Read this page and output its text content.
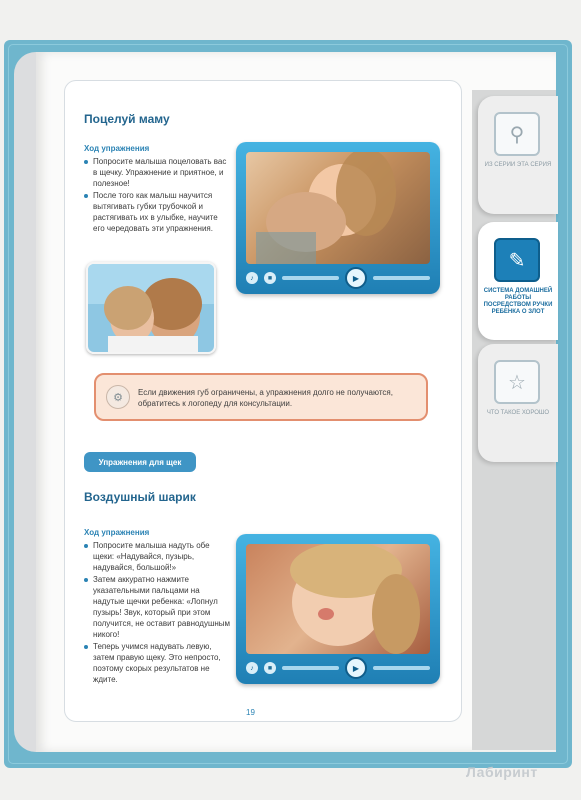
⚲
ИЗ СЕРИИ ЭТА СЕРИЯ
✎
СИСТЕМА ДОМАШНЕЙ РАБОТЫ ПОСРЕДСТВОМ РУЧКИ РЕБЕНКА О ЗЛОТ
☆
ЧТО ТАКОЕ ХОРОШО
Поцелуй маму
Ход упражнения
Попросите малыша поцеловать вас в щечку. Упражнение и приятное, и полезное!
После того как малыш научится вытягивать губки трубочкой и растягивать их в улыбке, научите его чередовать эти упражнения.
♪	■	▶
⚙	Если движения губ ограничены, а упражнения долго не получаются, обратитесь к логопеду для консультации.
Упражнения для щек
Воздушный шарик
Ход упражнения
Попросите малыша надуть обе щеки: «Надувайся, пузырь, надувайся, большой!»
Затем аккуратно нажмите указательными пальцами на надутые щечки ребенка: «Лопнул пузырь! Звук, который при этом получится, не оставит равнодушным никого!
Теперь учимся надувать левую, затем правую щеку. Это непросто, поэтому скорых результатов не ждите.
♪	■	▶
19
Лабиринт
